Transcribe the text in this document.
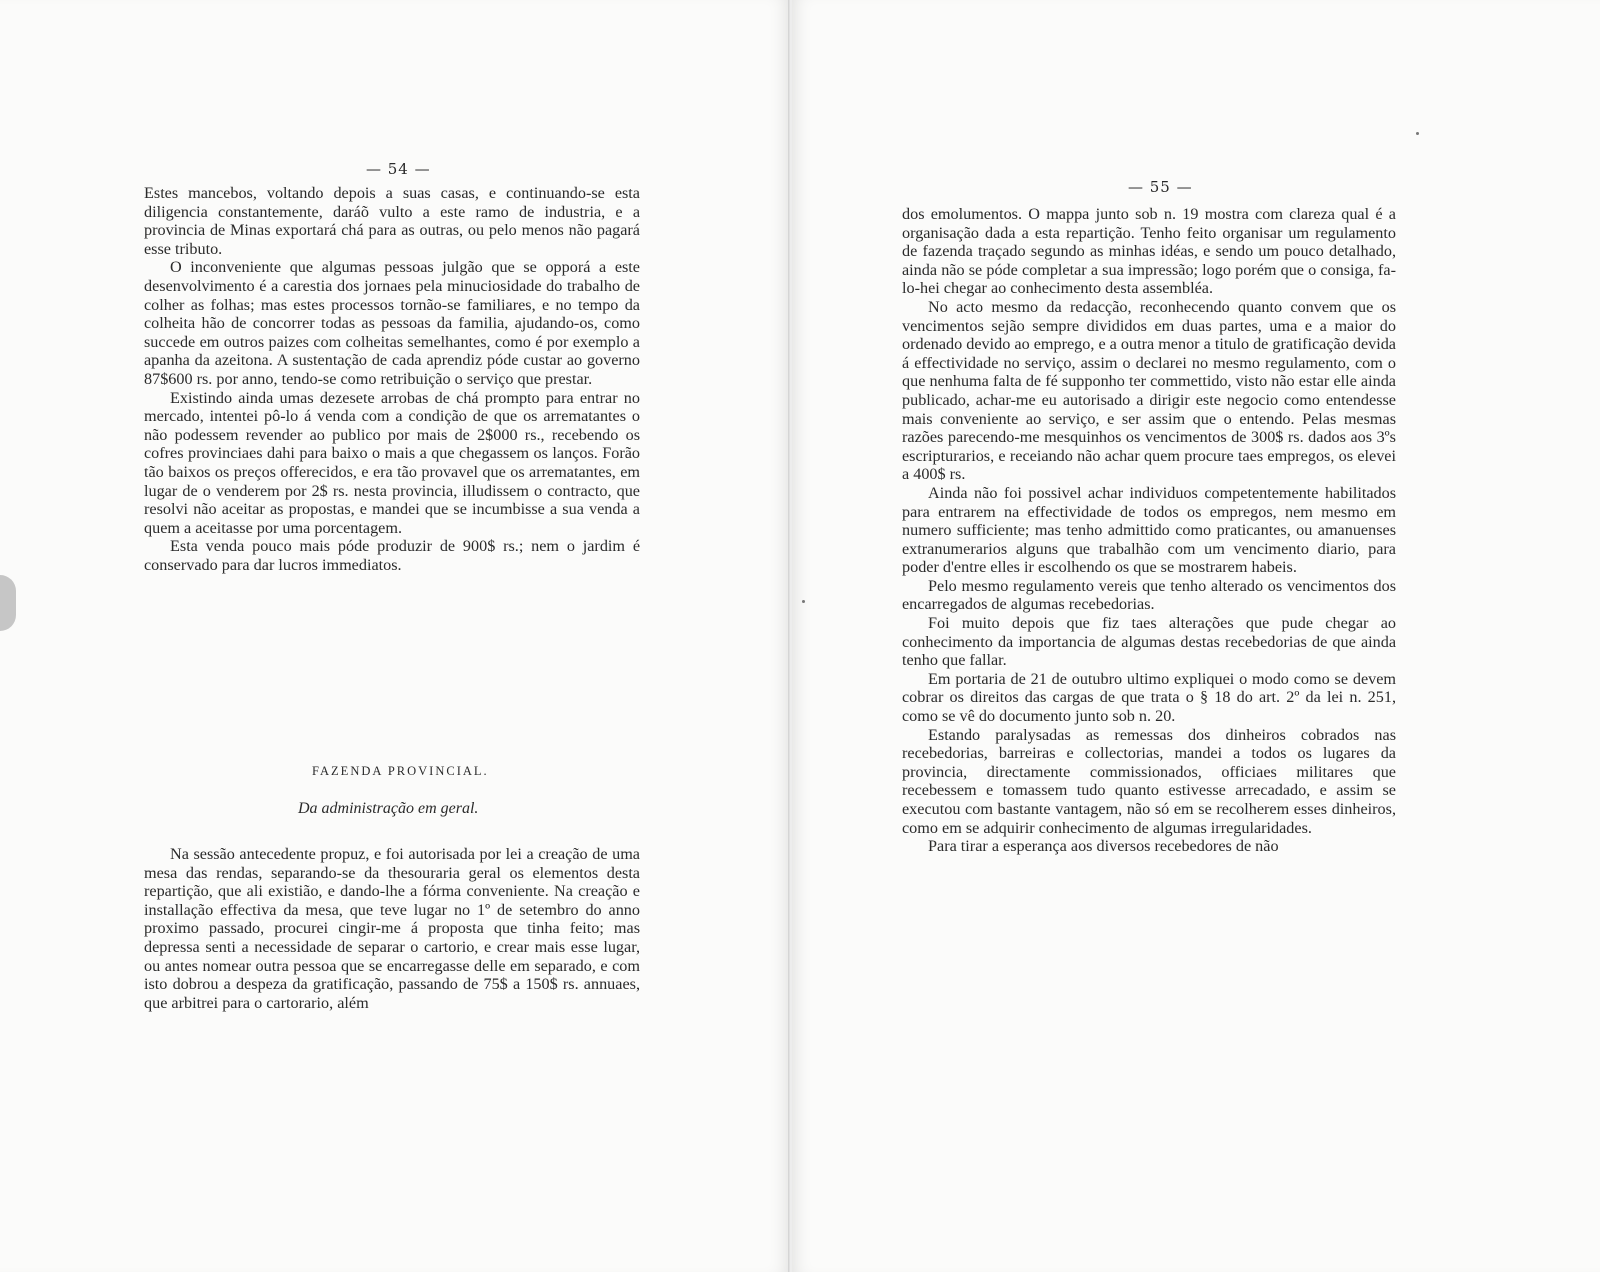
— 54 —

Estes mancebos, voltando depois a suas casas, e continuando-se esta diligencia constantemente, daráõ vulto a este ramo de industria, e a provincia de Minas exportará chá para as outras, ou pelo menos não pagará esse tributo.

O inconveniente que algumas pessoas julgão que se opporá a este desenvolvimento é a carestia dos jornaes pela minuciosidade do trabalho de colher as folhas; mas estes processos tornão-se familiares, e no tempo da colheita hão de concorrer todas as pessoas da familia, ajudando-os, como succede em outros paizes com colheitas semelhantes, como é por exemplo a apanha da azeitona. A sustentação de cada aprendiz póde custar ao governo 87$600 rs. por anno, tendo-se como retribuição o serviço que prestar.

Existindo ainda umas dezesete arrobas de chá prompto para entrar no mercado, intentei pô-lo á venda com a condição de que os arrematantes o não podessem revender ao publico por mais de 2$000 rs., recebendo os cofres provinciaes dahi para baixo o mais a que chegassem os lanços. Forão tão baixos os preços offerecidos, e era tão provavel que os arrematantes, em lugar de o venderem por 2$ rs. nesta provincia, illudissem o contracto, que resolvi não aceitar as propostas, e mandei que se incumbisse a sua venda a quem a aceitasse por uma porcentagem.

Esta venda pouco mais póde produzir de 900$ rs.; nem o jardim é conservado para dar lucros immediatos.

FAZENDA PROVINCIAL.
Da administração em geral.

Na sessão antecedente propuz, e foi autorisada por lei a creação de uma mesa das rendas, separando-se da thesouraria geral os elementos desta repartição, que ali existião, e dando-lhe a fórma conveniente. Na creação e installação effectiva da mesa, que teve lugar no 1º de setembro do anno proximo passado, procurei cingir-me á proposta que tinha feito; mas depressa senti a necessidade de separar o cartorio, e crear mais esse lugar, ou antes nomear outra pessoa que se encarregasse delle em separado, e com isto dobrou a despeza da gratificação, passando de 75$ a 150$ rs. annuaes, que arbitrei para o cartorario, além

— 55 —

dos emolumentos. O mappa junto sob n. 19 mostra com clareza qual é a organisação dada a esta repartição. Tenho feito organisar um regulamento de fazenda traçado segundo as minhas idéas, e sendo um pouco detalhado, ainda não se póde completar a sua impressão; logo porém que o consiga, fa-lo-hei chegar ao conhecimento desta assembléa.

No acto mesmo da redacção, reconhecendo quanto convem que os vencimentos sejão sempre divididos em duas partes, uma e a maior do ordenado devido ao emprego, e a outra menor a titulo de gratificação devida á effectividade no serviço, assim o declarei no mesmo regulamento, com o que nenhuma falta de fé supponho ter commettido, visto não estar elle ainda publicado, achar-me eu autorisado a dirigir este negocio como entendesse mais conveniente ao serviço, e ser assim que o entendo. Pelas mesmas razões parecendo-me mesquinhos os vencimentos de 300$ rs. dados aos 3ºs escripturarios, e receiando não achar quem procure taes empregos, os elevei a 400$ rs.

Ainda não foi possivel achar individuos competentemente habilitados para entrarem na effectividade de todos os empregos, nem mesmo em numero sufficiente; mas tenho admittido como praticantes, ou amanuenses extranumerarios alguns que trabalhão com um vencimento diario, para poder d'entre elles ir escolhendo os que se mostrarem habeis.

Pelo mesmo regulamento vereis que tenho alterado os vencimentos dos encarregados de algumas recebedorias.

Foi muito depois que fiz taes alterações que pude chegar ao conhecimento da importancia de algumas destas recebedorias de que ainda tenho que fallar.

Em portaria de 21 de outubro ultimo expliquei o modo como se devem cobrar os direitos das cargas de que trata o § 18 do art. 2º da lei n. 251, como se vê do documento junto sob n. 20.

Estando paralysadas as remessas dos dinheiros cobrados nas recebedorias, barreiras e collectorias, mandei a todos os lugares da provincia, directamente commissionados, officiaes militares que recebessem e tomassem tudo quanto estivesse arrecadado, e assim se executou com bastante vantagem, não só em se recolherem esses dinheiros, como em se adquirir conhecimento de algumas irregularidades.

Para tirar a esperança aos diversos recebedores de não
